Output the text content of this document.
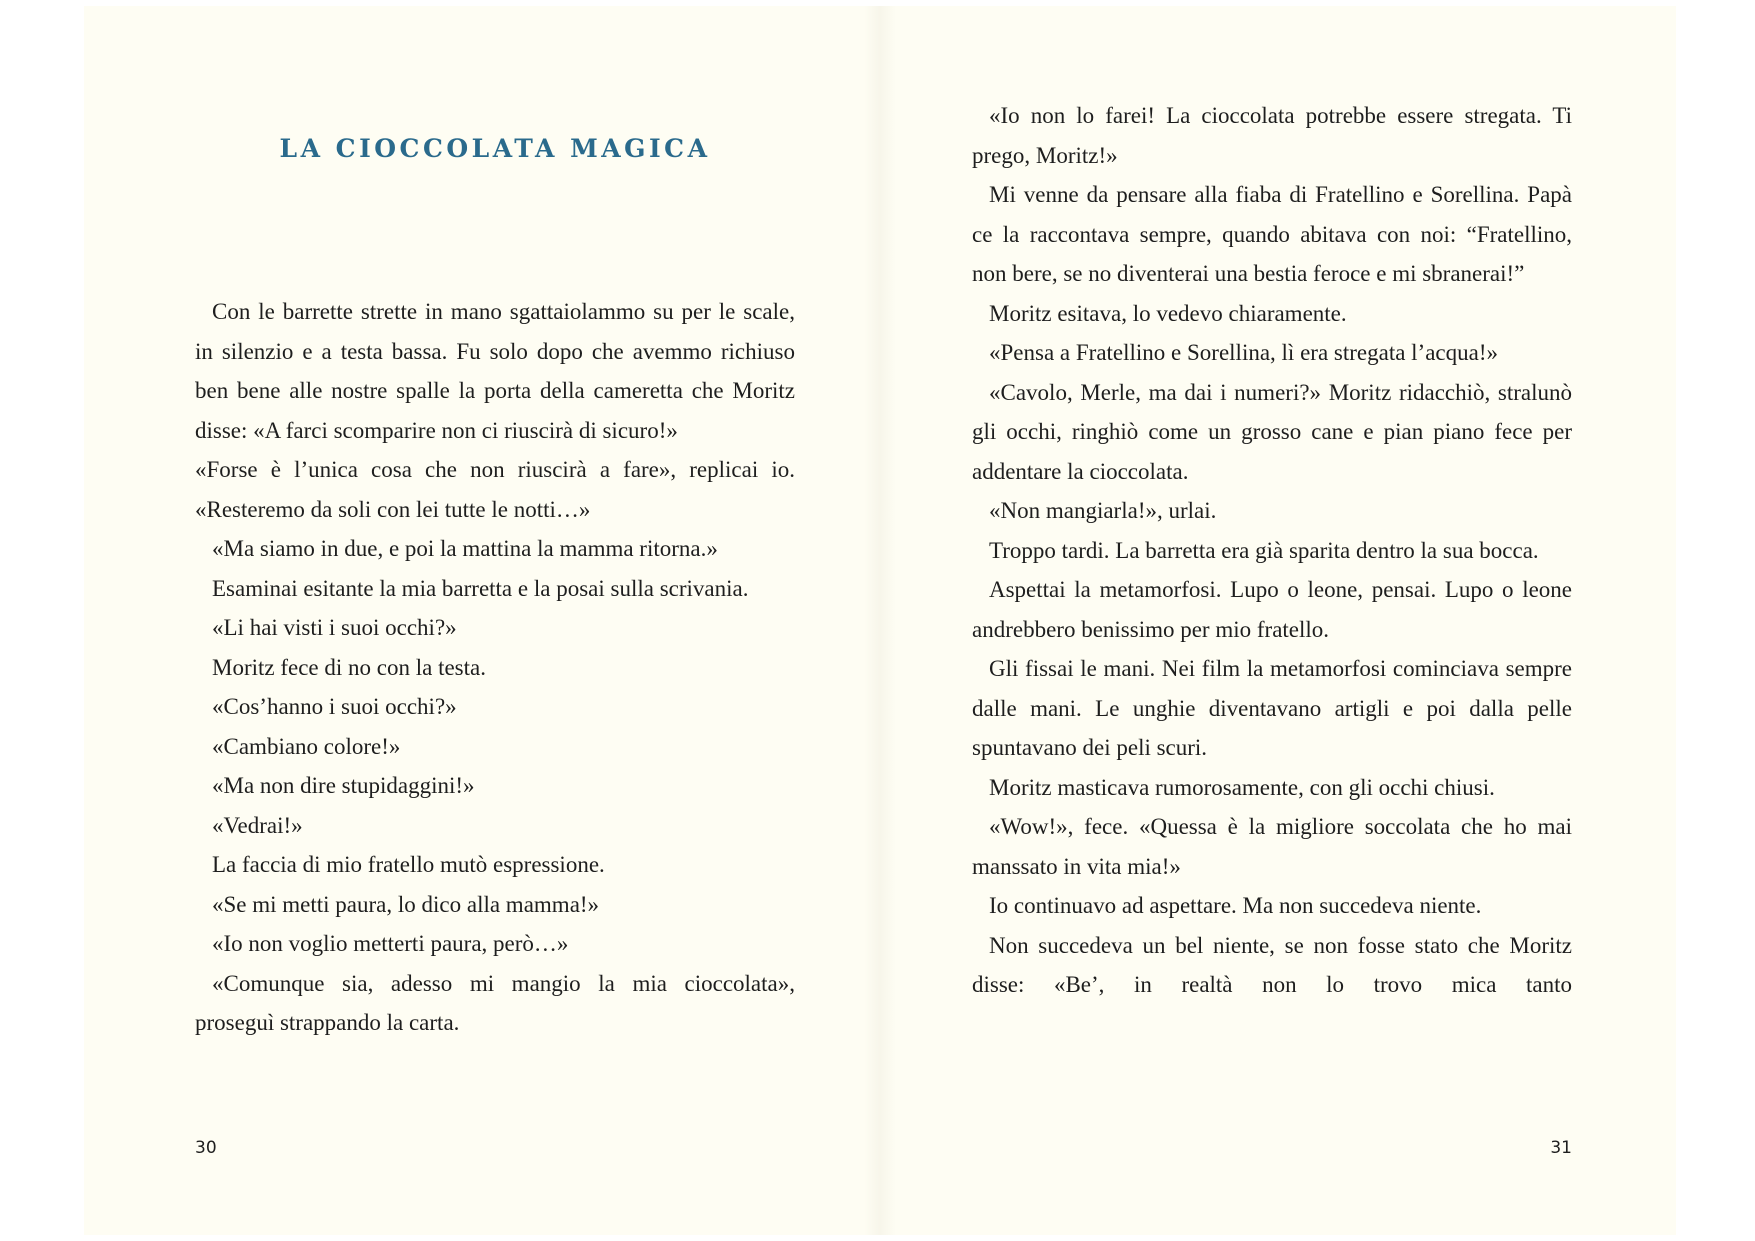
LA CIOCCOLATA MAGICA

Con le barrette strette in mano sgattaiolammo su per le scale, in silenzio e a testa bassa. Fu solo dopo che avemmo richiuso ben bene alle nostre spalle la porta della cameretta che Moritz disse: «A farci scomparire non ci riuscirà di sicuro!»

«Forse è l’unica cosa che non riuscirà a fare», replicai io. «Resteremo da soli con lei tutte le notti…»

«Ma siamo in due, e poi la mattina la mamma ritorna.»

Esaminai esitante la mia barretta e la posai sulla scrivania.

«Li hai visti i suoi occhi?»

Moritz fece di no con la testa.

«Cos’hanno i suoi occhi?»

«Cambiano colore!»

«Ma non dire stupidaggini!»

«Vedrai!»

La faccia di mio fratello mutò espressione.

«Se mi metti paura, lo dico alla mamma!»

«Io non voglio metterti paura, però…»

«Comunque sia, adesso mi mangio la mia cioccolata», proseguì strappando la carta.

30

«Io non lo farei! La cioccolata potrebbe essere stregata. Ti prego, Moritz!»

Mi venne da pensare alla fiaba di Fratellino e Sorellina. Papà ce la raccontava sempre, quando abitava con noi: “Fratellino, non bere, se no diventerai una bestia feroce e mi sbranerai!”

Moritz esitava, lo vedevo chiaramente.

«Pensa a Fratellino e Sorellina, lì era stregata l’acqua!»

«Cavolo, Merle, ma dai i numeri?» Moritz ridacchiò, stralunò gli occhi, ringhiò come un grosso cane e pian piano fece per addentare la cioccolata.

«Non mangiarla!», urlai.

Troppo tardi. La barretta era già sparita dentro la sua bocca.

Aspettai la metamorfosi. Lupo o leone, pensai. Lupo o leone andrebbero benissimo per mio fratello.

Gli fissai le mani. Nei film la metamorfosi cominciava sempre dalle mani. Le unghie diventavano artigli e poi dalla pelle spuntavano dei peli scuri.

Moritz masticava rumorosamente, con gli occhi chiusi.

«Wow!», fece. «Quessa è la migliore soccolata che ho mai manssato in vita mia!»

Io continuavo ad aspettare. Ma non succedeva niente.

Non succedeva un bel niente, se non fosse stato che Moritz disse: «Be’, in realtà non lo trovo mica tanto

31
